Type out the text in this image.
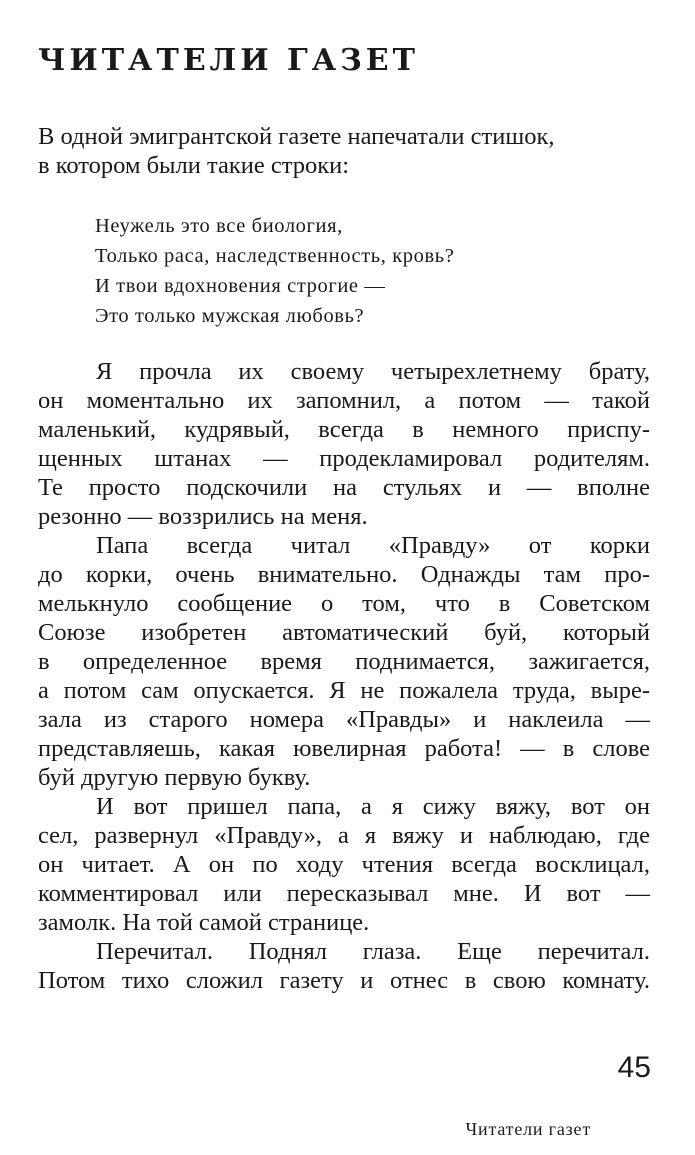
ЧИТАТЕЛИ ГАЗЕТ

В одной эмигрантской газете напечатали стишок,
в котором были такие строки:

Неужель это все биология,
Только раса, наследственность, кровь?
И твои вдохновения строгие —
Это только мужская любовь?
Я прочла их своему четырехлетнему брату,
он моментально их запомнил, а потом — такой
маленький, кудрявый, всегда в немного приспу-
щенных штанах — продекламировал родителям.
Те просто подскочили на стульях и — вполне
резонно — воззрились на меня.
Папа всегда читал «Правду» от корки
до корки, очень внимательно. Однажды там про-
мелькнуло сообщение о том, что в Советском
Союзе изобретен автоматический буй, который
в определенное время поднимается, зажигается,
а потом сам опускается. Я не пожалела труда, выре-
зала из старого номера «Правды» и наклеила —
представляешь, какая ювелирная работа! — в слове
буй другую первую букву.
И вот пришел папа, а я сижу вяжу, вот он
сел, развернул «Правду», а я вяжу и наблюдаю, где
он читает. А он по ходу чтения всегда восклицал,
комментировал или пересказывал мне. И вот —
замолк. На той самой странице.
Перечитал. Поднял глаза. Еще перечитал.
Потом тихо сложил газету и отнес в свою комнату.
45
Читатели газет
